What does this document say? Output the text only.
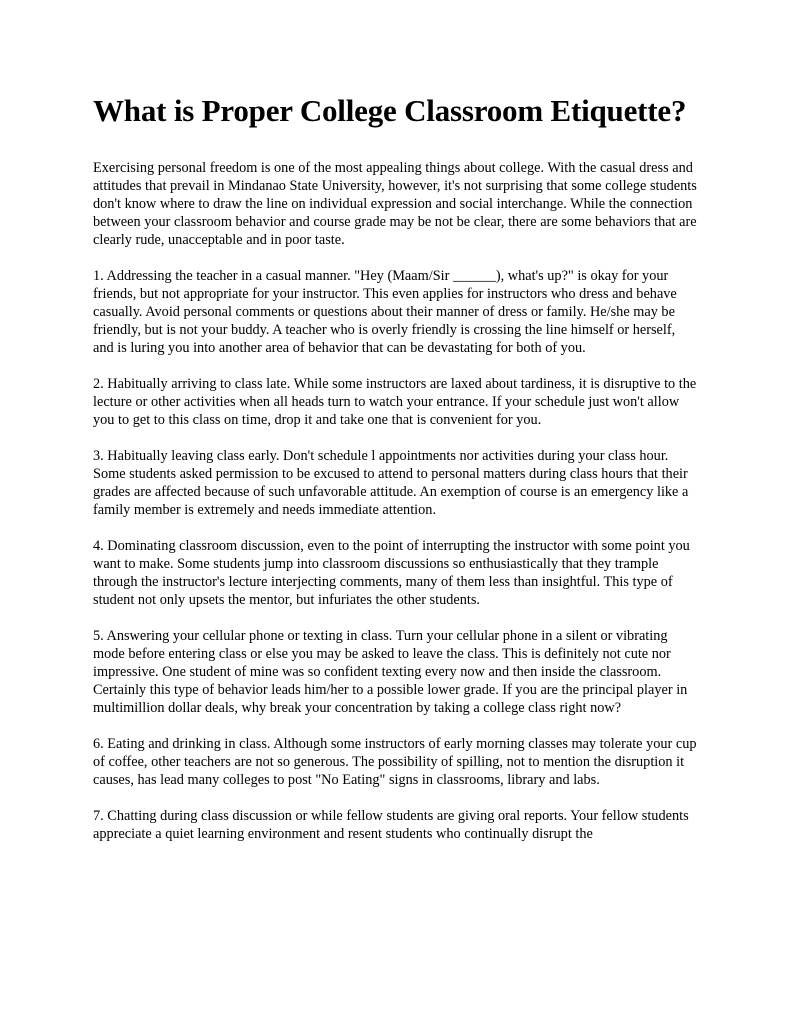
What is Proper College Classroom Etiquette?

Exercising personal freedom is one of the most appealing things about college. With the casual dress and attitudes that prevail in Mindanao State University, however, it's not surprising that some college students don't know where to draw the line on individual expression and social interchange. While the connection between your classroom behavior and course grade may be not be clear, there are some behaviors that are clearly rude, unacceptable and in poor taste.

1. Addressing the teacher in a casual manner. "Hey (Maam/Sir ______), what's up?" is okay for your friends, but not appropriate for your instructor. This even applies for instructors who dress and behave casually. Avoid personal comments or questions about their manner of dress or family. He/she may be friendly, but is not your buddy. A teacher who is overly friendly is crossing the line himself or herself, and is luring you into another area of behavior that can be devastating for both of you.

2. Habitually arriving to class late. While some instructors are laxed about tardiness, it is disruptive to the lecture or other activities when all heads turn to watch your entrance. If your schedule just won't allow you to get to this class on time, drop it and take one that is convenient for you.

3. Habitually leaving class early. Don't schedule l appointments nor activities during your class hour. Some students asked permission to be excused to attend to personal matters during class hours that their grades are affected because of such unfavorable attitude. An exemption of course is an emergency like a family member is extremely and needs immediate attention.

4. Dominating classroom discussion, even to the point of interrupting the instructor with some point you want to make. Some students jump into classroom discussions so enthusiastically that they trample through the instructor's lecture interjecting comments, many of them less than insightful. This type of student not only upsets the mentor, but infuriates the other students.

5. Answering your cellular phone or texting in class. Turn your cellular phone in a silent or vibrating mode before entering class or else you may be asked to leave the class. This is definitely not cute nor impressive. One student of mine was so confident texting every now and then inside the classroom. Certainly this type of behavior leads him/her to a possible lower grade. If you are the principal player in multimillion dollar deals, why break your concentration by taking a college class right now?

6. Eating and drinking in class. Although some instructors of early morning classes may tolerate your cup of coffee, other teachers are not so generous. The possibility of spilling, not to mention the disruption it causes, has lead many colleges to post "No Eating" signs in classrooms, library and labs.

7. Chatting during class discussion or while fellow students are giving oral reports. Your fellow students appreciate a quiet learning environment and resent students who continually disrupt the
